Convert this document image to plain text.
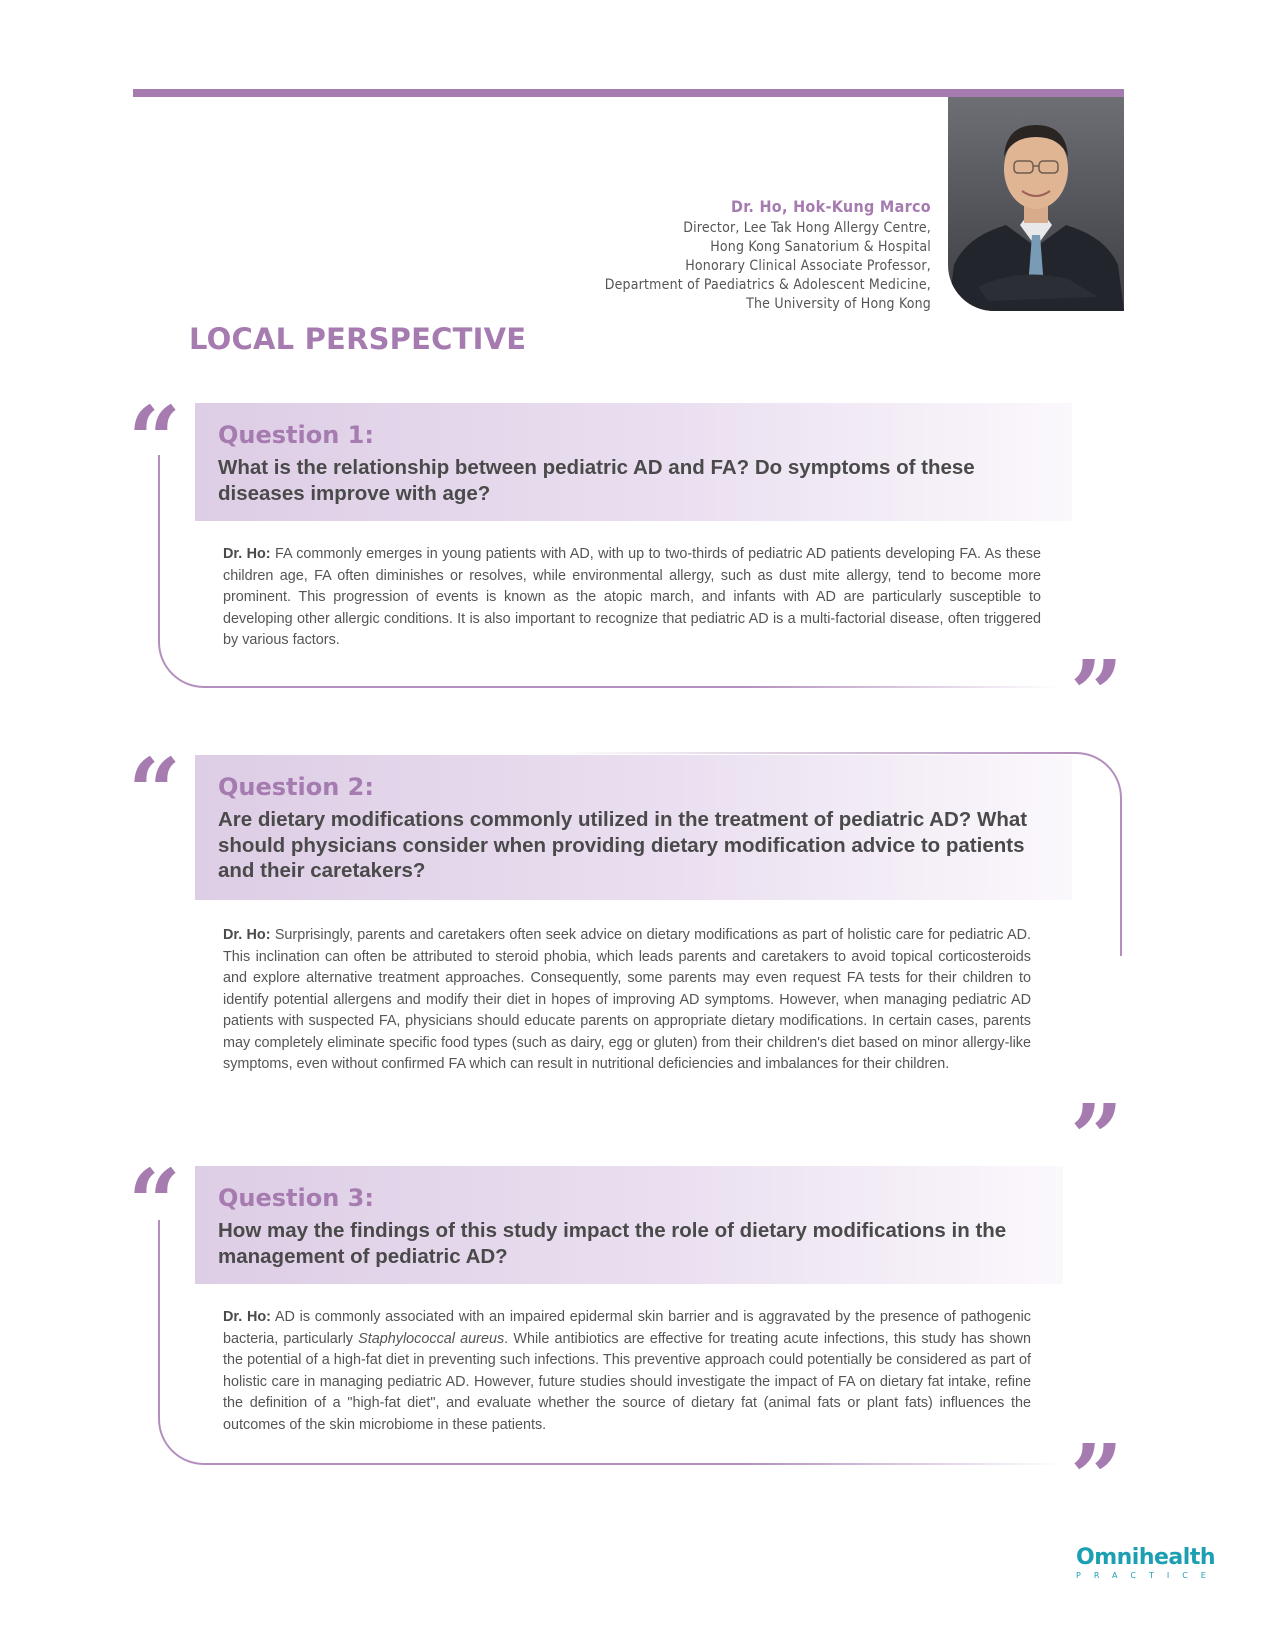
Dr. Ho, Hok-Kung Marco
Director, Lee Tak Hong Allergy Centre,
Hong Kong Sanatorium & Hospital
Honorary Clinical Associate Professor,
Department of Paediatrics & Adolescent Medicine,
The University of Hong Kong
LOCAL PERSPECTIVE
“ Question 1:
What is the relationship between pediatric AD and FA? Do symptoms of these diseases improve with age?
Dr. Ho: FA commonly emerges in young patients with AD, with up to two-thirds of pediatric AD patients developing FA. As these children age, FA often diminishes or resolves, while environmental allergy, such as dust mite allergy, tend to become more prominent. This progression of events is known as the atopic march, and infants with AD are particularly susceptible to developing other allergic conditions. It is also important to recognize that pediatric AD is a multi-factorial disease, often triggered by various factors.	”
“ Question 2:
Are dietary modifications commonly utilized in the treatment of pediatric AD? What should physicians consider when providing dietary modification advice to patients and their caretakers?
Dr. Ho: Surprisingly, parents and caretakers often seek advice on dietary modifications as part of holistic care for pediatric AD. This inclination can often be attributed to steroid phobia, which leads parents and caretakers to avoid topical corticosteroids and explore alternative treatment approaches. Consequently, some parents may even request FA tests for their children to identify potential allergens and modify their diet in hopes of improving AD symptoms. However, when managing pediatric AD patients with suspected FA, physicians should educate parents on appropriate dietary modifications. In certain cases, parents may completely eliminate specific food types (such as dairy, egg or gluten) from their children's diet based on minor allergy-like symptoms, even without confirmed FA which can result in nutritional deficiencies and imbalances for their children.
”
“ Question 3:
How may the findings of this study impact the role of dietary modifications in the management of pediatric AD?
Dr. Ho: AD is commonly associated with an impaired epidermal skin barrier and is aggravated by the presence of pathogenic bacteria, particularly Staphylococcal aureus. While antibiotics are effective for treating acute infections, this study has shown the potential of a high-fat diet in preventing such infections. This preventive approach could potentially be considered as part of holistic care in managing pediatric AD. However, future studies should investigate the impact of FA on dietary fat intake, refine the definition of a "high-fat diet", and evaluate whether the source of dietary fat (animal fats or plant fats) influences the outcomes of the skin microbiome in these patients.	”
Omnihealth
PRACTICE
